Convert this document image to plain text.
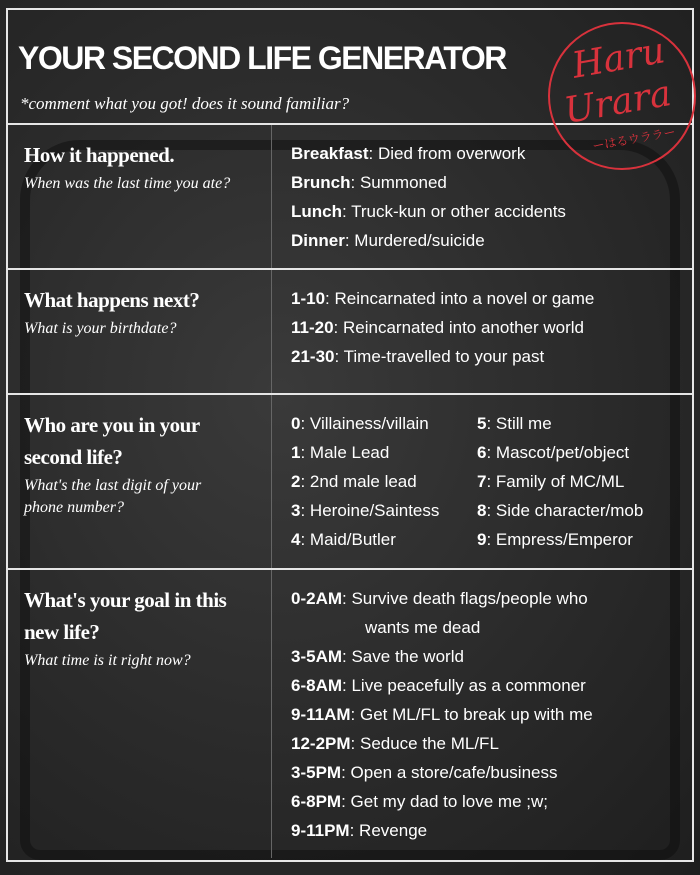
YOUR SECOND LIFE GENERATOR
*comment what you got! does it sound familiar?
How it happened.
When was the last time you ate?
Breakfast: Died from overwork
Brunch: Summoned
Lunch: Truck-kun or other accidents
Dinner: Murdered/suicide
What happens next?
What is your birthdate?
1-10: Reincarnated into a novel or game
11-20: Reincarnated into another world
21-30: Time-travelled to your past
Who are you in your second life?
What's the last digit of your phone number?
0: Villainess/villain	5: Still me
1: Male Lead	6: Mascot/pet/object
2: 2nd male lead	7: Family of MC/ML
3: Heroine/Saintess	8: Side character/mob
4: Maid/Butler	9: Empress/Emperor
What's your goal in this new life?
What time is it right now?
0-2AM: Survive death flags/people who
wants me dead
3-5AM: Save the world
6-8AM: Live peacefully as a commoner
9-11AM: Get ML/FL to break up with me
12-2PM: Seduce the ML/FL
3-5PM: Open a store/cafe/business
6-8PM: Get my dad to love me ;w;
9-11PM: Revenge
Haru
Urara
ーはるウララー
